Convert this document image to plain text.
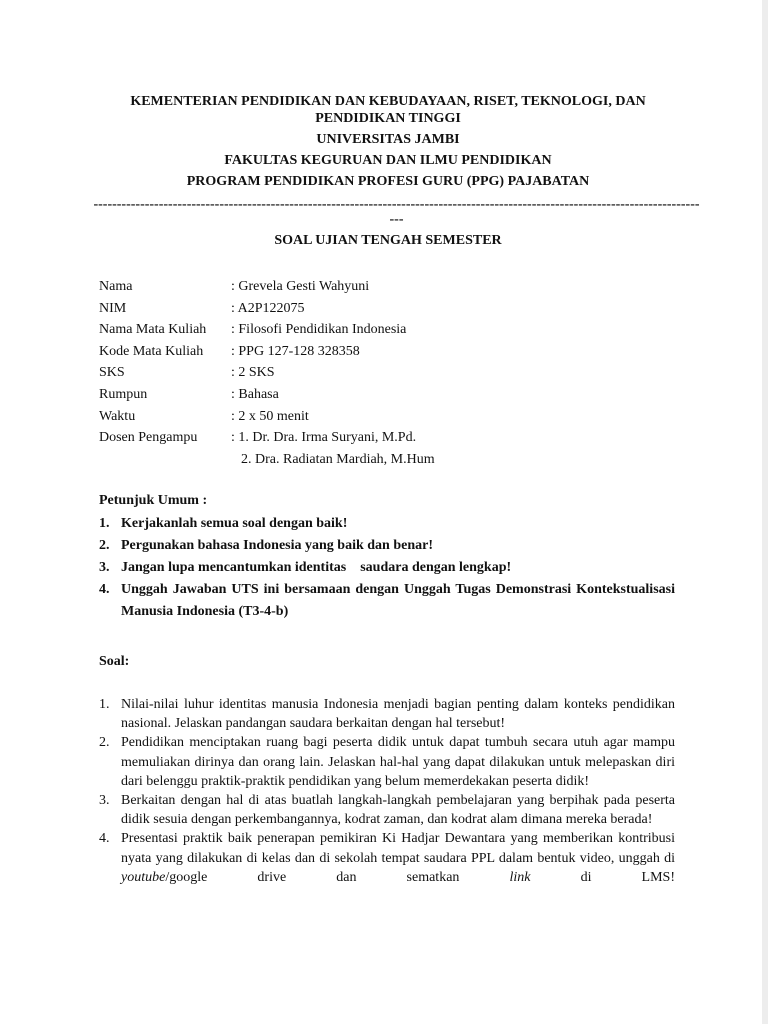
KEMENTERIAN PENDIDIKAN DAN KEBUDAYAAN, RISET, TEKNOLOGI, DAN PENDIDIKAN TINGGI

UNIVERSITAS JAMBI

FAKULTAS KEGURUAN DAN ILMU PENDIDIKAN

PROGRAM PENDIDIKAN PROFESI GURU (PPG) PAJABATAN

----------------------------------------------------------------------------------------------------------------------------------
---
SOAL UJIAN TENGAH SEMESTER
Nama	: Grevela Gesti Wahyuni
NIM	: A2P122075
Nama Mata Kuliah	: Filosofi Pendidikan Indonesia
Kode Mata Kuliah	: PPG 127-128 328358
SKS	: 2 SKS
Rumpun	: Bahasa
Waktu	: 2 x 50 menit
Dosen Pengampu	: 1. Dr. Dra. Irma Suryani, M.Pd.
2. Dra. Radiatan Mardiah, M.Hum
Petunjuk Umum :
1. Kerjakanlah semua soal dengan baik!
2. Pergunakan bahasa Indonesia yang baik dan benar!
3. Jangan lupa mencantumkan identitas    saudara dengan lengkap!
4. Unggah Jawaban UTS ini bersamaan dengan Unggah Tugas Demonstrasi Kontekstualisasi Manusia Indonesia (T3-4-b)
Soal:
1. Nilai-nilai luhur identitas manusia Indonesia menjadi bagian penting dalam konteks pendidikan nasional. Jelaskan pandangan saudara berkaitan dengan hal tersebut!
2. Pendidikan menciptakan ruang bagi peserta didik untuk dapat tumbuh secara utuh agar mampu memuliakan dirinya dan orang lain. Jelaskan hal-hal yang dapat dilakukan untuk melepaskan diri dari belenggu praktik-praktik pendidikan yang belum memerdekakan peserta didik!
3. Berkaitan dengan hal di atas buatlah langkah-langkah pembelajaran yang berpihak pada peserta didik sesuia dengan perkembangannya, kodrat zaman, dan kodrat alam dimana mereka berada!
4. Presentasi praktik baik penerapan pemikiran Ki Hadjar Dewantara yang memberikan kontribusi nyata yang dilakukan di kelas dan di sekolah tempat saudara PPL dalam bentuk video, unggah di youtube/google drive dan sematkan link di LMS!
